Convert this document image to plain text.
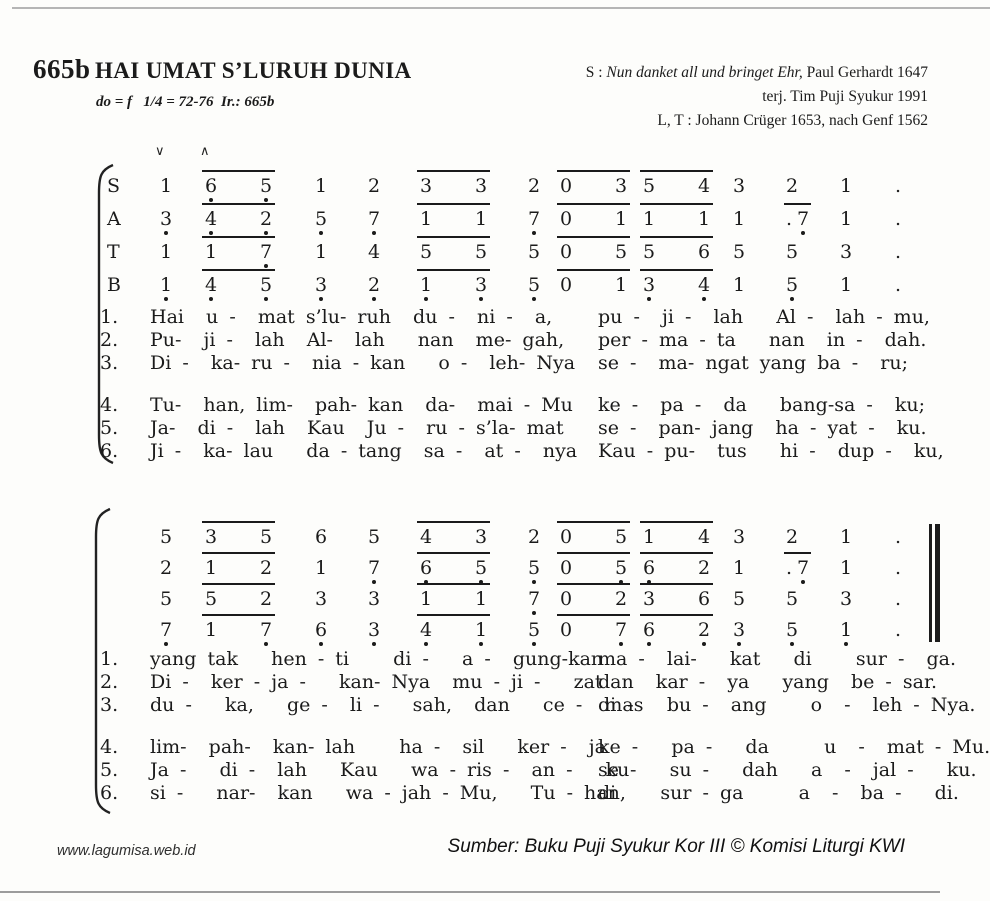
665b HAI UMAT S’LURUH DUNIA
do = f   1/4 = 72-76  Ir.: 665b
S : Nun danket all und bringet Ehr, Paul Gerhardt 1647
terj. Tim Puji Syukur 1991
L, T : Johann Crüger 1653, nach Genf 1562
∨	∧
S
A
T
B
1 6 5 1 2 3 3 2 0 3 5 4 3 2 1 .
3 4 2 5 7 1 1 7 0 1 1 1 1 . 7 1 .
1 1 7 1 4 5 5 5 0 5 5 6 5 5 3 .
1 4 5 3 2 1 3 5 0 1 3 4 1 5 1 .
1. Hai  u -  mat s’lu- ruh  du -  ni -  a, pu -  ji -  lah   Al -  lah - mu,
2. Pu-  ji -  lah  Al-  lah   nan  me- gah, per - ma - ta   nan  in -  dah.
3. Di -  ka- ru -  nia - kan   o -  leh- Nya se -  ma- ngat yang ba -  ru;
4. Tu-  han, lim-  pah- kan  da-  mai - Mu ke -  pa -  da   bang-sa -  ku;
5. Ja-  di -  lah  Kau  Ju -  ru - s’la- mat se -  pan- jang  ha - yat -  ku.
6. Ji -  ka- lau   da - tang  sa -  at -  nya Kau - pu-  tus   hi -  dup -  ku,
5 3 5 6 5 4 3 2 0 5 1 4 3 2 1 .
2 1 2 1 7 6 5 5 0 5 6 2 1 . 7 1 .
5 5 2 3 3 1 1 7 0 2 3 6 5 5 3 .
7 1 7 6 3 4 1 5 0 7 6 2 3 5 1 .
1. yang tak   hen - ti    di -   a -  gung-kan
ma -  lai-   kat   di    sur -  ga.
2. Di -  ker - ja -   kan- Nya  mu - ji -   zat
dan  kar -  ya   yang  be - sar.
3. du -   ka,   ge -  li -   sah,  dan   ce -  mas
di -   bu -  ang    o  -  leh - Nya.
4. lim-  pah-  kan- lah    ha -  sil   ker -  ja
ke -   pa -   da     u  -  mat - Mu.
5. Ja -   di -  lah   Kau   wa - ris -  an -   ku
se -   su -   dah   a  -  jal -   ku.
6. si -   nar-  kan   wa - jah - Mu,   Tu - han,
di    sur - ga     a  -  ba -   di.
www.lagumisa.web.id	Sumber: Buku Puji Syukur Kor III © Komisi Liturgi KWI
